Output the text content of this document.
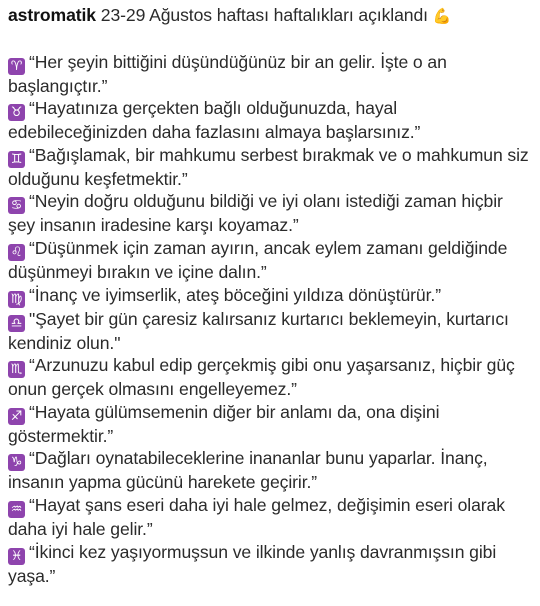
astromatik 23-29 Ağustos haftası haftalıkları açıklandı 💪

♈ “Her şeyin bittiğini düşündüğünüz bir an gelir. İşte o an başlangıçtır.”

♉ “Hayatınıza gerçekten bağlı olduğunuzda, hayal edebileceğinizden daha fazlasını almaya başlarsınız.”

♊ “Bağışlamak, bir mahkumu serbest bırakmak ve o mahkumun siz olduğunu keşfetmektir.”

♋ “Neyin doğru olduğunu bildiği ve iyi olanı istediği zaman hiçbir şey insanın iradesine karşı koyamaz.”

♌ “Düşünmek için zaman ayırın, ancak eylem zamanı geldiğinde düşünmeyi bırakın ve içine dalın.”

♍ “İnanç ve iyimserlik, ateş böceğini yıldıza dönüştürür.”

♎ "Şayet bir gün çaresiz kalırsanız kurtarıcı beklemeyin, kurtarıcı kendiniz olun."

♏ “Arzunuzu kabul edip gerçekmiş gibi onu yaşarsanız, hiçbir güç onun gerçek olmasını engelleyemez.”

♐ “Hayata gülümsemenin diğer bir anlamı da, ona dişini göstermektir.”

♑ “Dağları oynatabileceklerine inananlar bunu yaparlar. İnanç, insanın yapma gücünü harekete geçirir.”

♒ “Hayat şans eseri daha iyi hale gelmez, değişimin eseri olarak daha iyi hale gelir.”

♓ “İkinci kez yaşıyormuşsun ve ilkinde yanlış davranmışsın gibi yaşa.”
